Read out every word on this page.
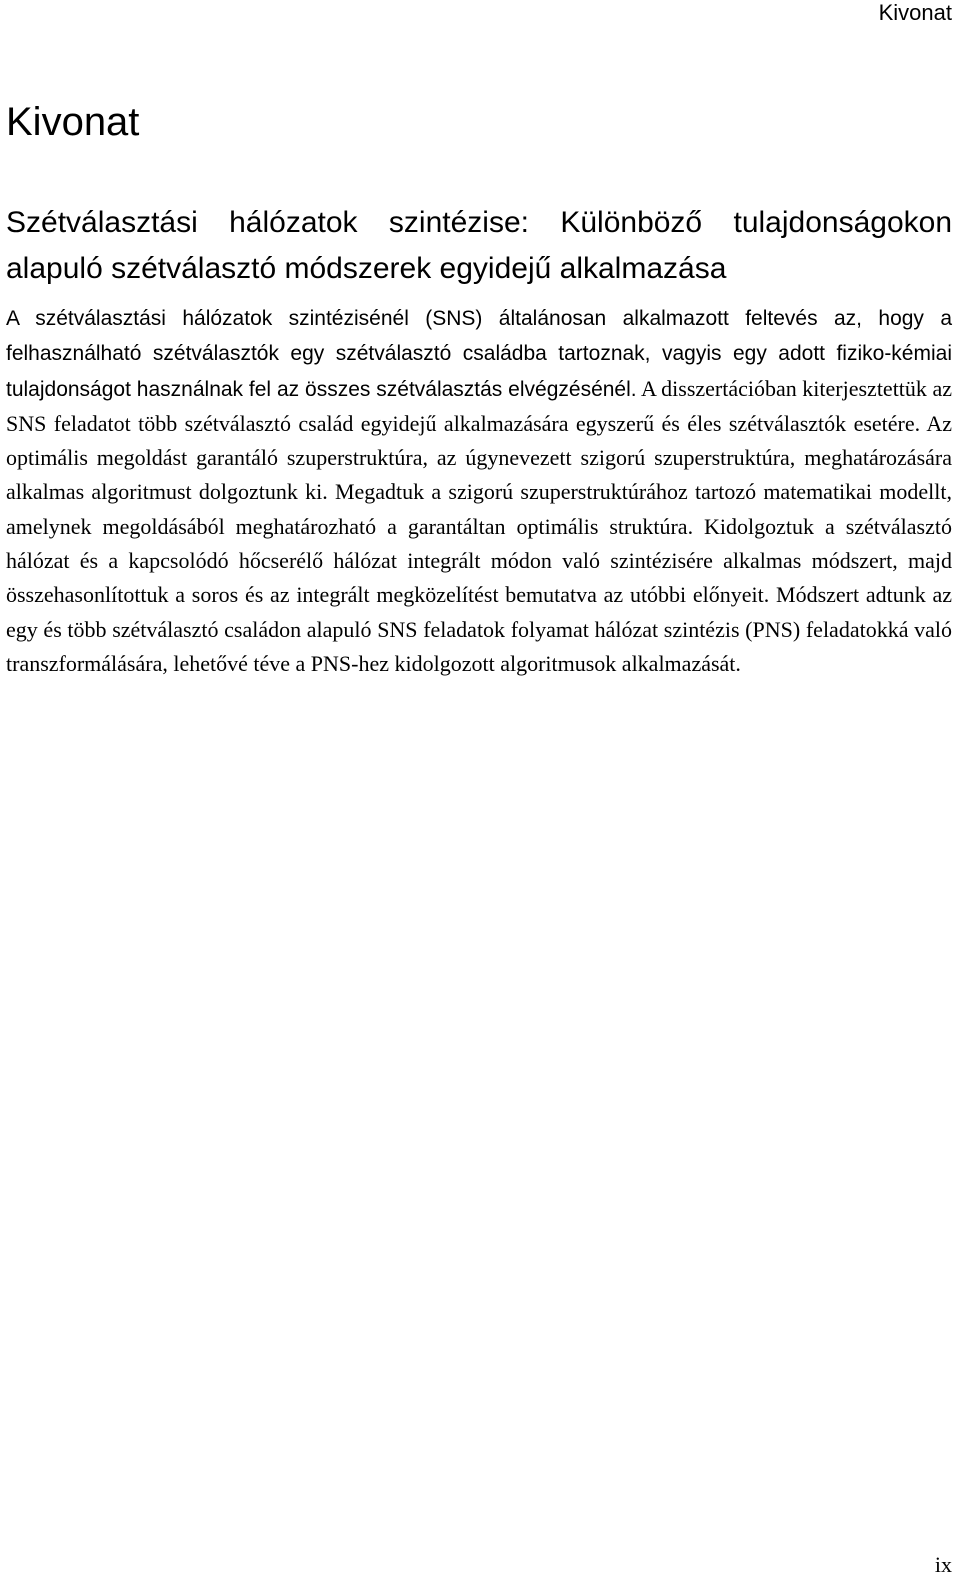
Kivonat
Kivonat
Szétválasztási hálózatok szintézise: Különböző tulajdonságokon alapuló szétválasztó módszerek egyidejű alkalmazása

A szétválasztási hálózatok szintézisénél (SNS) általánosan alkalmazott feltevés az, hogy a felhasználható szétválasztók egy szétválasztó családba tartoznak, vagyis egy adott fiziko-kémiai tulajdonságot használnak fel az összes szétválasztás elvégzésénél. A disszertációban kiterjesztettük az SNS feladatot több szétválasztó család egyidejű alkalmazására egyszerű és éles szétválasztók esetére. Az optimális megoldást garantáló szuperstruktúra, az úgynevezett szigorú szuperstruktúra, meghatározására alkalmas algoritmust dolgoztunk ki. Megadtuk a szigorú szuperstruktúrához tartozó matematikai modellt, amelynek megoldásából meghatározható a garantáltan optimális struktúra. Kidolgoztuk a szétválasztó hálózat és a kapcsolódó hőcserélő hálózat integrált módon való szintézisére alkalmas módszert, majd összehasonlítottuk a soros és az integrált megközelítést bemutatva az utóbbi előnyeit. Módszert adtunk az egy és több szétválasztó családon alapuló SNS feladatok folyamat hálózat szintézis (PNS) feladatokká való transzformálására, lehetővé téve a PNS-hez kidolgozott algoritmusok alkalmazását.

ix
